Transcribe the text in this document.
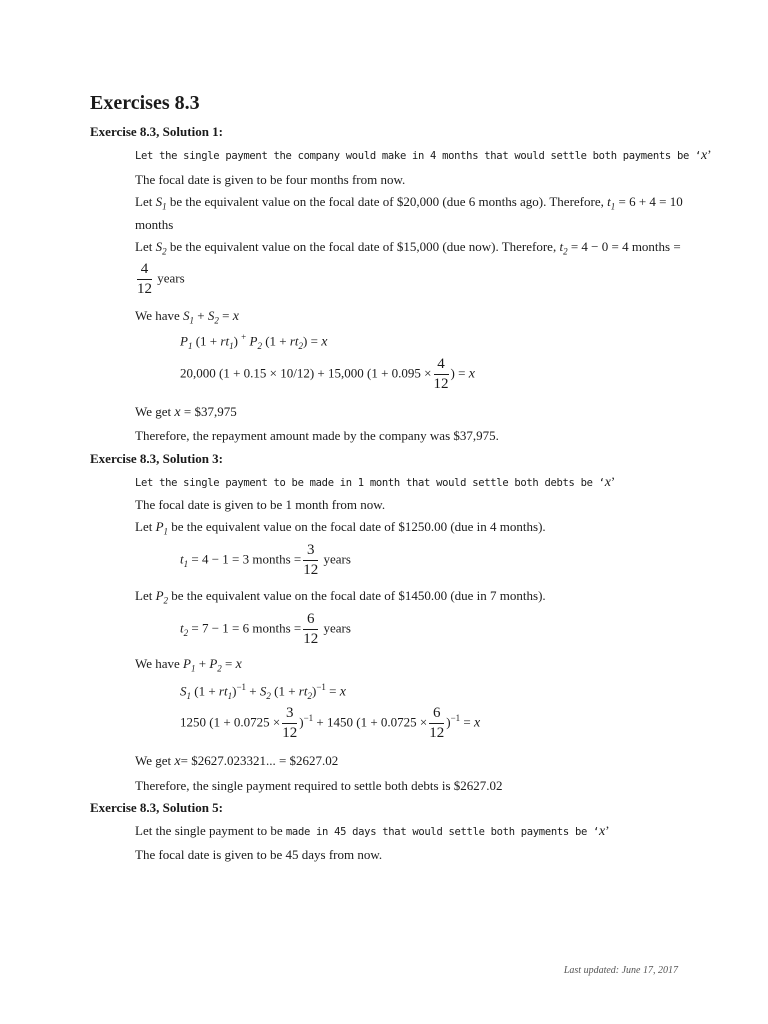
Exercises 8.3
Exercise 8.3, Solution 1:
Let the single payment the company would make in 4 months that would settle both payments be ‘x’
The focal date is given to be four months from now.
Let $S_1$ be the equivalent value on the focal date of $20,000 (due 6 months ago). Therefore, $t_1 = 6 + 4 = 10$
months
Let $S_2$ be the equivalent value on the focal date of $15,000 (due now). Therefore, $t_2 = 4 - 0 = 4$ months =
$\frac{4}{12}$ years
We have $S_1 + S_2 = x$
$P_1$ $(1 + rt_1)$ + $P_2$ $(1 + rt_2) = x$
20,000 (1 + 0.15 × 10/12) + 15,000 ($1 + 0.095 \times \frac{4}{12}$ ) = x
We get x = $37,975
Therefore, the repayment amount made by the company was $37,975.
Exercise 8.3, Solution 3:
Let the single payment to be made in 1 month that would settle both debts be ‘x’
The focal date is given to be 1 month from now.
Let $P_1$ be the equivalent value on the focal date of $1250.00 (due in 4 months).
$t_1 = 4 - 1 = 3$ months = $\frac{3}{12}$ years
Let $P_2$ be the equivalent value on the focal date of $1450.00 (due in 7 months).
$t_2 = 7 - 1 = 6$ months = $\frac{6}{12}$ years
We have $P_1 + P_2 = x$
$S_1$ $(1 + rt_1)^{-1} + S_2$ $(1 + rt_2)^{-1} = x$
1250 $(1 + 0.0725 \times \frac{3}{12} )^{-1} + 1450$ $(1 + 0.0725 \times \frac{6}{12} )^{-1} = x$
We get x= $2627.023321... = $2627.02
Therefore, the single payment required to settle both debts is $2627.02
Exercise 8.3, Solution 5:
Let the single payment to be made in 45 days that would settle both payments be ‘x’
The focal date is given to be 45 days from now.
Last updated: June 17, 2017
